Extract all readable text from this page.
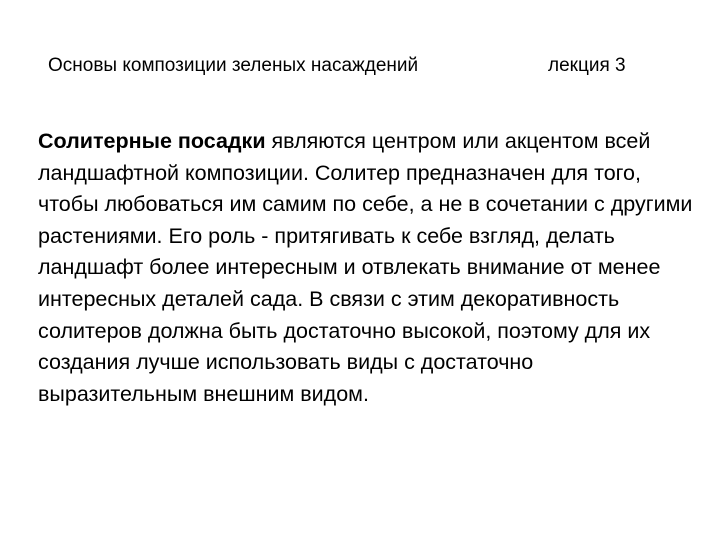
Основы композиции зеленых насаждений	лекция 3
Солитерные посадки являются центром или акцентом всей ландшафтной композиции. Солитер предназначен для того, чтобы любоваться им самим по себе, а не в сочетании с другими растениями. Его роль - притягивать к себе взгляд, делать ландшафт более интересным и отвлекать внимание от менее интересных деталей сада. В связи с этим декоративность солитеров должна быть достаточно высокой, поэтому для их создания лучше использовать виды с достаточно выразительным внешним видом.
